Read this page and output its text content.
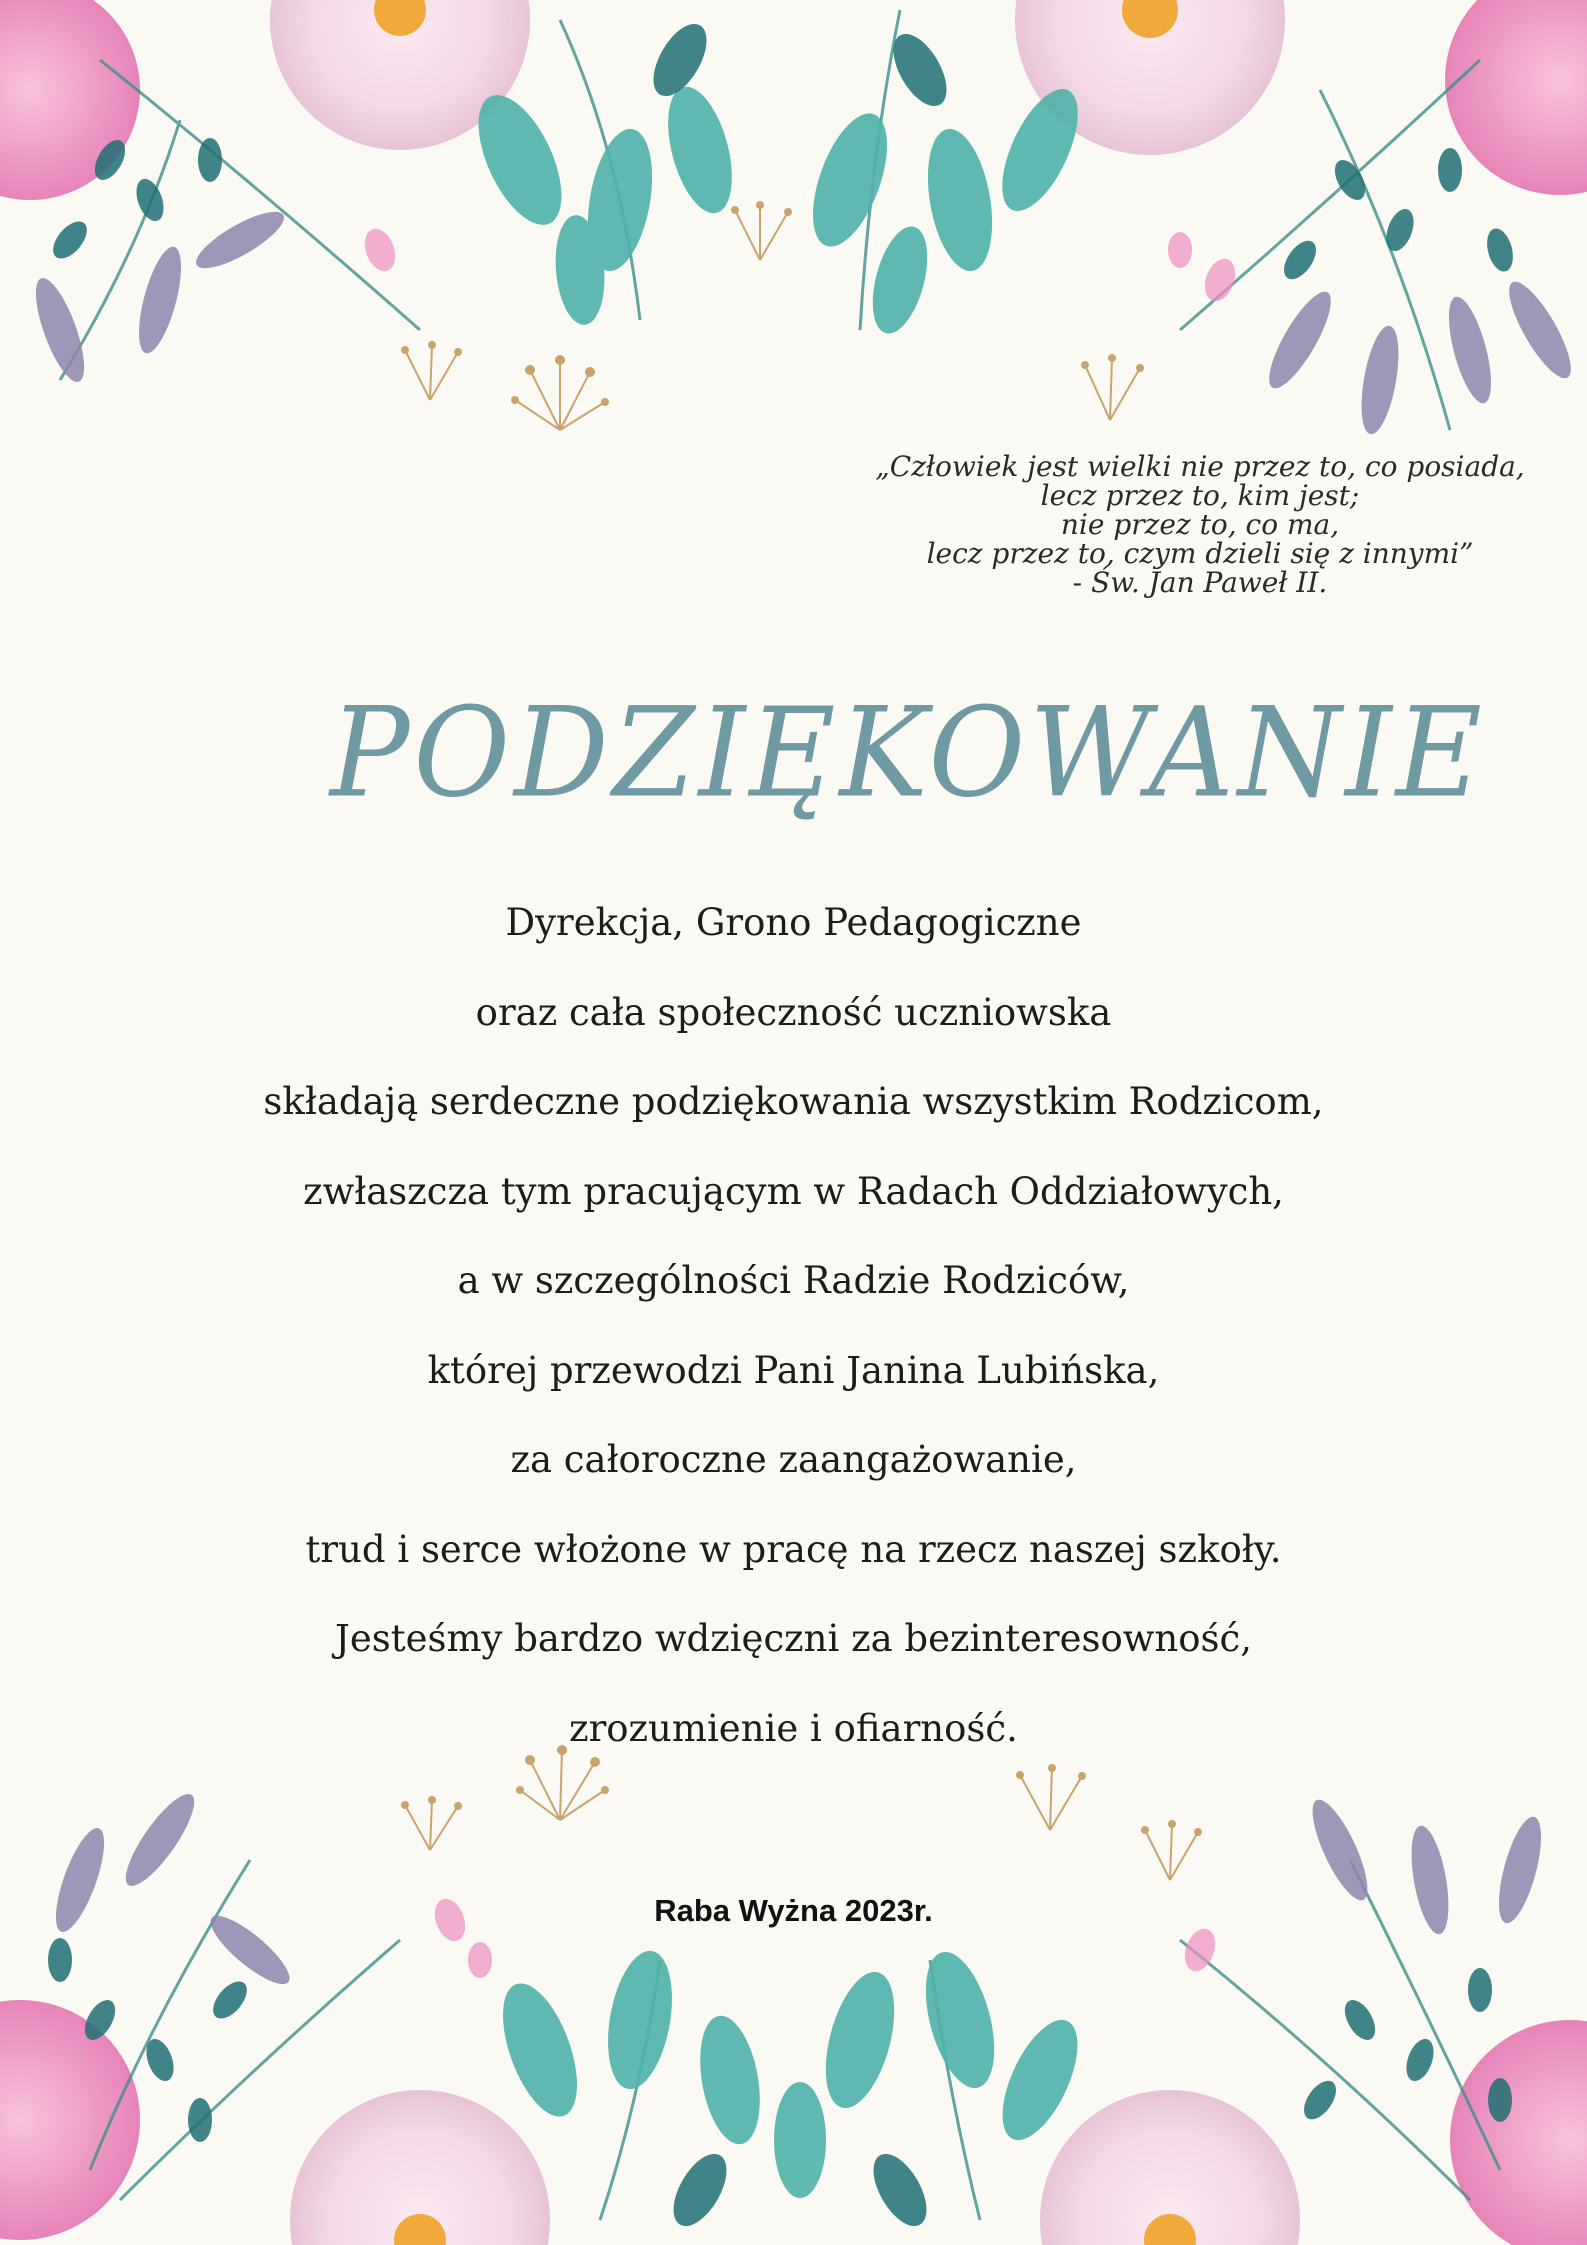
„Człowiek jest wielki nie przez to, co posiada,
lecz przez to, kim jest;
nie przez to, co ma,
lecz przez to, czym dzieli się z innymi”
- Św. Jan Paweł II.
PODZIĘKOWANIE
Dyrekcja, Grono Pedagogiczne
oraz cała społeczność uczniowska
składają serdeczne podziękowania wszystkim Rodzicom,
zwłaszcza tym pracującym w Radach Oddziałowych,
a w szczególności Radzie Rodziców,
której przewodzi Pani Janina Lubińska,
za całoroczne zaangażowanie,
trud i serce włożone w pracę na rzecz naszej szkoły.
Jesteśmy bardzo wdzięczni za bezinteresowność,
zrozumienie i ofiarność.
Raba Wyżna 2023r.
